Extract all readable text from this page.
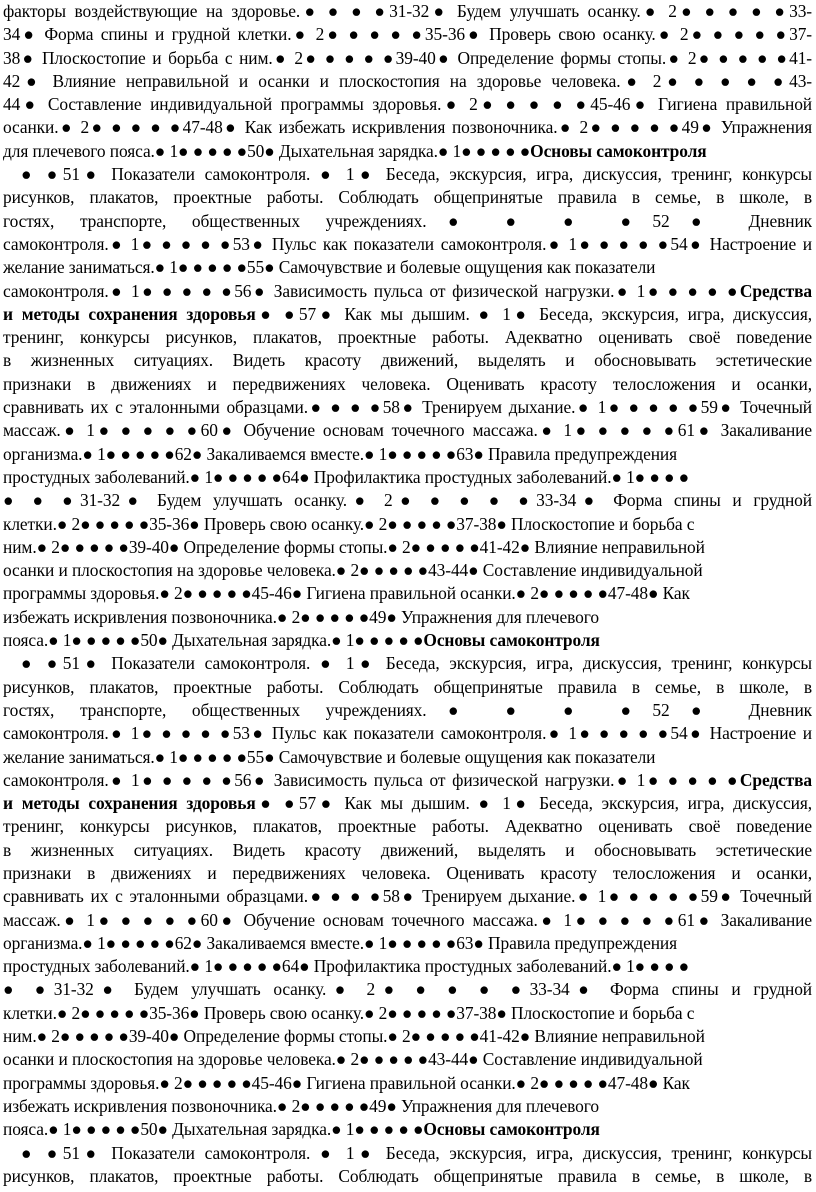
факторы воздействующие на здоровье.● ● ● ●31-32● Будем улучшать осанку.● 2● ● ● ● ●33-
34● Форма спины и грудной клетки.● 2● ● ● ● ●35-36● Проверь свою осанку.● 2● ● ● ● ●37-
38● Плоскостопие и борьба с ним.● 2● ● ● ● ●39-40● Определение формы стопы.● 2● ● ● ● ●41-
42● Влияние неправильной и осанки и плоскостопия на здоровье человека.● 2● ● ● ● ●43-
44● Составление индивидуальной программы здоровья.● 2● ● ● ● ●45-46● Гигиена правильной
осанки.● 2● ● ● ● ●47-48● Как избежать искривления позвоночника.● 2● ● ● ● ●49● Упражнения
для плечевого пояса.● 1● ● ● ● ●50● Дыхательная зарядка.● 1● ● ● ● ●Основы самоконтроля
● ●51● Показатели самоконтроля. ● 1● Беседа, экскурсия, игра, дискуссия, тренинг, конкурсы
рисунков, плакатов, проектные работы. Соблюдать общепринятые правила в семье, в школе, в
гостях, транспорте, общественных учреждениях.● ● ● ●52● Дневник
самоконтроля.● 1● ● ● ● ●53● Пульс как показатели самоконтроля.● 1● ● ● ● ●54● Настроение и
желание заниматься.● 1● ● ● ● ●55● Самочувствие и болевые ощущения как показатели
самоконтроля.● 1● ● ● ● ●56● Зависимость пульса от физической нагрузки.● 1● ● ● ● ●Средства
и методы сохранения здоровья● ●57● Как мы дышим. ● 1● Беседа, экскурсия, игра, дискуссия,
тренинг, конкурсы рисунков, плакатов, проектные работы. Адекватно оценивать своё поведение
в жизненных ситуациях. Видеть красоту движений, выделять и обосновывать эстетические
признаки в движениях и передвижениях человека. Оценивать красоту телосложения и осанки,
сравнивать их с эталонными образцами.● ● ● ●58● Тренируем дыхание.● 1● ● ● ● ●59● Точечный
массаж.● 1● ● ● ● ●60● Обучение основам точечного массажа.● 1● ● ● ● ●61● Закаливание
организма.● 1● ● ● ● ●62● Закаливаемся вместе.● 1● ● ● ● ●63● Правила предупреждения
простудных заболеваний.● 1● ● ● ● ●64● Профилактика простудных заболеваний.● 1● ● ● ●
● ● ●31-32● Будем улучшать осанку.● 2● ● ● ● ●33-34● Форма спины и грудной
клетки.● 2● ● ● ● ●35-36● Проверь свою осанку.● 2● ● ● ● ●37-38● Плоскостопие и борьба с
ним.● 2● ● ● ● ●39-40● Определение формы стопы.● 2● ● ● ● ●41-42● Влияние неправильной
осанки и плоскостопия на здоровье человека.● 2● ● ● ● ●43-44● Составление индивидуальной
программы здоровья.● 2● ● ● ● ●45-46● Гигиена правильной осанки.● 2● ● ● ● ●47-48● Как
избежать искривления позвоночника.● 2● ● ● ● ●49● Упражнения для плечевого
пояса.● 1● ● ● ● ●50● Дыхательная зарядка.● 1● ● ● ● ●Основы самоконтроля
● ●51● Показатели самоконтроля. ● 1● Беседа, экскурсия, игра, дискуссия, тренинг, конкурсы
рисунков, плакатов, проектные работы. Соблюдать общепринятые правила в семье, в школе, в
гостях, транспорте, общественных учреждениях.● ● ● ●52● Дневник
самоконтроля.● 1● ● ● ● ●53● Пульс как показатели самоконтроля.● 1● ● ● ● ●54● Настроение и
желание заниматься.● 1● ● ● ● ●55● Самочувствие и болевые ощущения как показатели
самоконтроля.● 1● ● ● ● ●56● Зависимость пульса от физической нагрузки.● 1● ● ● ● ●Средства
и методы сохранения здоровья● ●57● Как мы дышим. ● 1● Беседа, экскурсия, игра, дискуссия,
тренинг, конкурсы рисунков, плакатов, проектные работы. Адекватно оценивать своё поведение
в жизненных ситуациях. Видеть красоту движений, выделять и обосновывать эстетические
признаки в движениях и передвижениях человека. Оценивать красоту телосложения и осанки,
сравнивать их с эталонными образцами.● ● ● ●58● Тренируем дыхание.● 1● ● ● ● ●59● Точечный
массаж.● 1● ● ● ● ●60● Обучение основам точечного массажа.● 1● ● ● ● ●61● Закаливание
организма.● 1● ● ● ● ●62● Закаливаемся вместе.● 1● ● ● ● ●63● Правила предупреждения
простудных заболеваний.● 1● ● ● ● ●64● Профилактика простудных заболеваний.● 1● ● ● ●
● ●31-32● Будем улучшать осанку.● 2● ● ● ● ●33-34● Форма спины и грудной
клетки.● 2● ● ● ● ●35-36● Проверь свою осанку.● 2● ● ● ● ●37-38● Плоскостопие и борьба с
ним.● 2● ● ● ● ●39-40● Определение формы стопы.● 2● ● ● ● ●41-42● Влияние неправильной
осанки и плоскостопия на здоровье человека.● 2● ● ● ● ●43-44● Составление индивидуальной
программы здоровья.● 2● ● ● ● ●45-46● Гигиена правильной осанки.● 2● ● ● ● ●47-48● Как
избежать искривления позвоночника.● 2● ● ● ● ●49● Упражнения для плечевого
пояса.● 1● ● ● ● ●50● Дыхательная зарядка.● 1● ● ● ● ●Основы самоконтроля
● ●51● Показатели самоконтроля. ● 1● Беседа, экскурсия, игра, дискуссия, тренинг, конкурсы
рисунков, плакатов, проектные работы. Соблюдать общепринятые правила в семье, в школе, в
